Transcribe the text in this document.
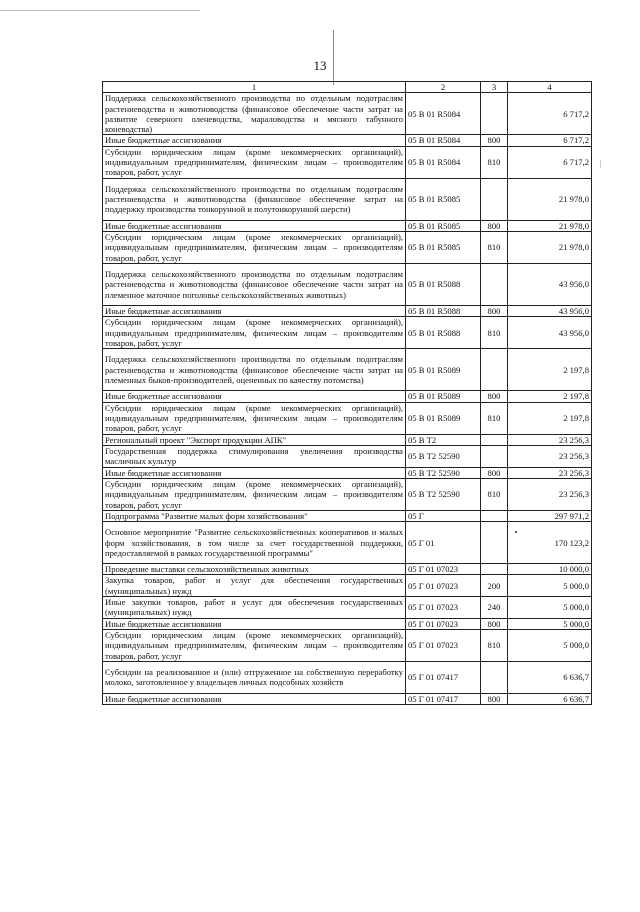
13
1	2	3	4
Поддержка сельскохозяйственного производства по отдельным подотраслям растениеводства и животноводства (финансовое обеспечение части затрат на развитие северного оленеводства, мараловодства и мясного табунного коневодства)	05 В 01 R5084		6 717,2
Иные бюджетные ассигнования	05 В 01 R5084	800	6 717,2
Субсидии юридическим лицам (кроме некоммерческих организаций), индивидуальным предпринимателям, физическим лицам – производителям товаров, работ, услуг	05 В 01 R5084	810	6 717,2
Поддержка сельскохозяйственного производства по отдельным подотраслям растениеводства и животноводства (финансовое обеспечение затрат на поддержку производства тонкорунной и полутонкорунной шерсти)	05 В 01 R5085		21 978,0
Иные бюджетные ассигнования	05 В 01 R5085	800	21 978,0
Субсидии юридическим лицам (кроме некоммерческих организаций), индивидуальным предпринимателям, физическим лицам – производителям товаров, работ, услуг	05 В 01 R5085	810	21 978,0
Поддержка сельскохозяйственного производства по отдельным подотраслям растениеводства и животноводства (финансовое обеспечение части затрат на племенное маточное поголовье сельскохозяйственных животных)	05 В 01 R5088		43 956,0
Иные бюджетные ассигнования	05 В 01 R5088	800	43 956,0
Субсидии юридическим лицам (кроме некоммерческих организаций), индивидуальным предпринимателям, физическим лицам – производителям товаров, работ, услуг	05 В 01 R5088	810	43 956,0
Поддержка сельскохозяйственного производства по отдельным подотраслям растениеводства и животноводства (финансовое обеспечение части затрат на племенных быков-производителей, оцененных по качеству потомства)	05 В 01 R5089		2 197,8
Иные бюджетные ассигнования	05 В 01 R5089	800	2 197,8
Субсидии юридическим лицам (кроме некоммерческих организаций), индивидуальным предпринимателям, физическим лицам – производителям товаров, работ, услуг	05 В 01 R5089	810	2 197,8
Региональный проект "Экспорт продукции АПК"	05 В Т2		23 256,3
Государственная поддержка стимулирования увеличения производства масличных культур	05 В Т2 52590		23 256,3
Иные бюджетные ассигнования	05 В Т2 52590	800	23 256,3
Субсидии юридическим лицам (кроме некоммерческих организаций), индивидуальным предпринимателям, физическим лицам – производителям товаров, работ, услуг	05 В Т2 52590	810	23 256,3
Подпрограмма "Развитие малых форм хозяйствования"	05 Г		297 971,2
Основное мероприятие "Развитие сельскохозяйственных кооперативов и малых форм хозяйствования, в том числе за счет государственной поддержки, предоставляемой в рамках государственной программы"	05 Г 01		170 123,2
Проведение выставки сельскохозяйственных животных	05 Г 01 07023		10 000,0
Закупка товаров, работ и услуг для обеспечения государственных (муниципальных) нужд	05 Г 01 07023	200	5 000,0
Иные закупки товаров, работ и услуг для обеспечения государственных (муниципальных) нужд	05 Г 01 07023	240	5 000,0
Иные бюджетные ассигнования	05 Г 01 07023	800	5 000,0
Субсидии юридическим лицам (кроме некоммерческих организаций), индивидуальным предпринимателям, физическим лицам – производителям товаров, работ, услуг	05 Г 01 07023	810	5 000,0
Субсидии на реализованное и (или) отгруженное на собственную переработку молоко, заготовленное у владельцев личных подсобных хозяйств	05 Г 01 07417		6 636,7
Иные бюджетные ассигнования	05 Г 01 07417	800	6 636,7
